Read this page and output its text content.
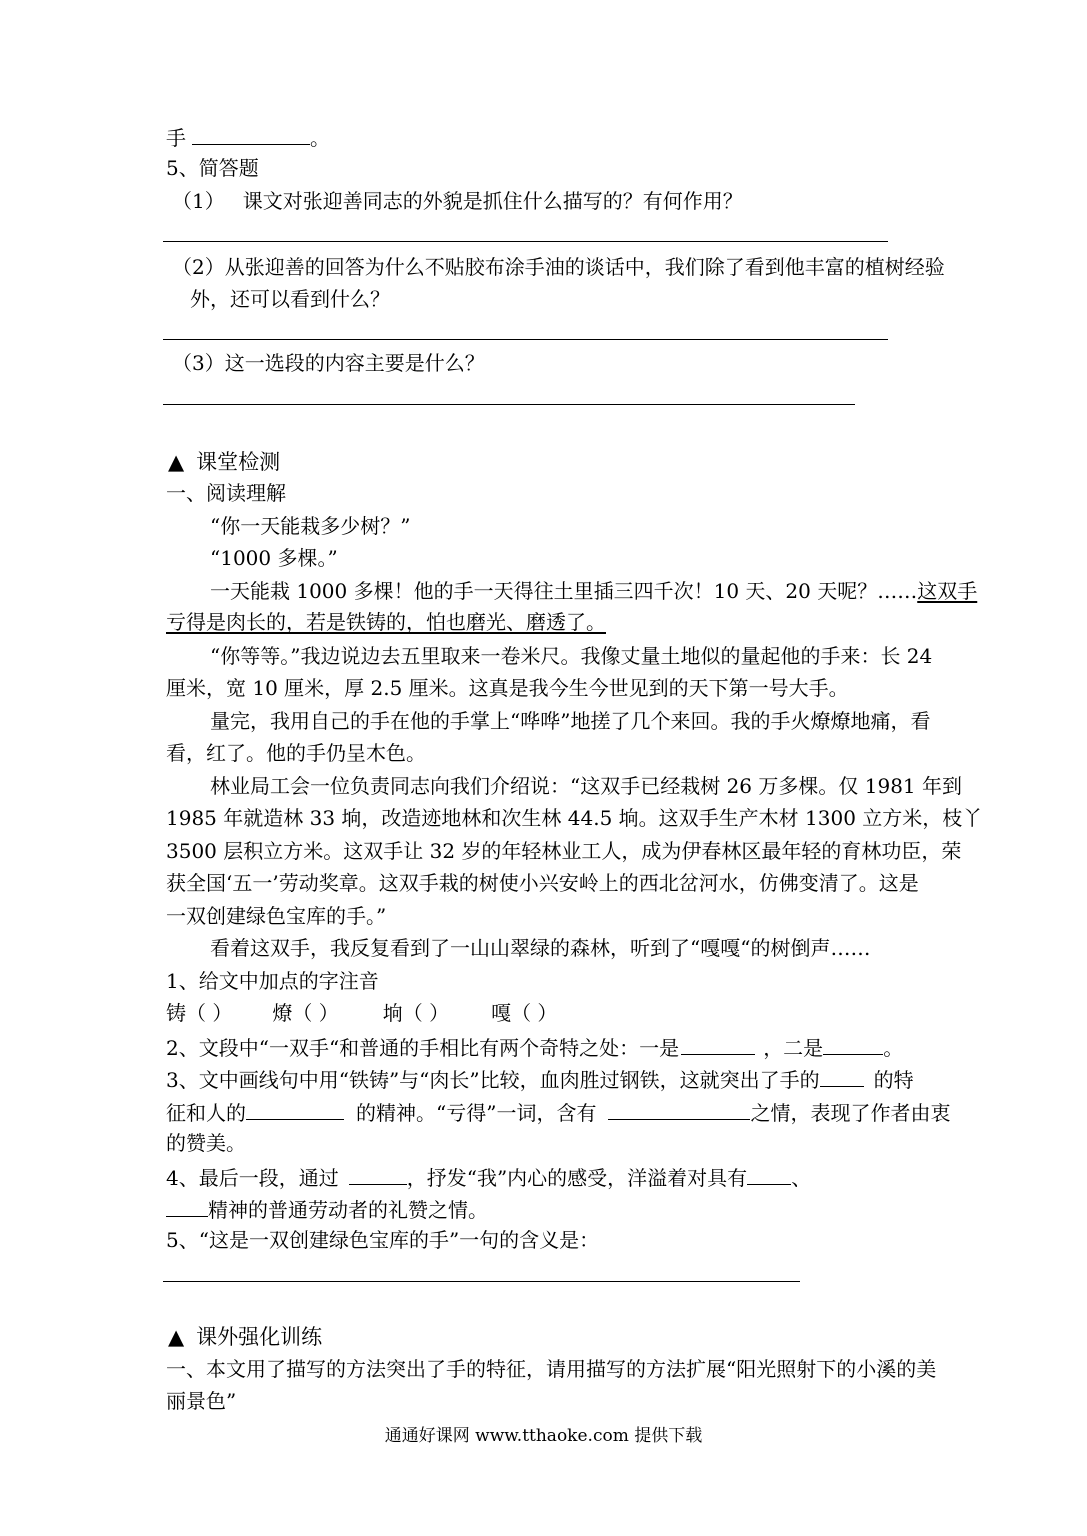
手	。
5、简答题
（1） 课文对张迎善同志的外貌是抓住什么描写的？有何作用？
（2）从张迎善的回答为什么不贴胶布涂手油的谈话中，我们除了看到他丰富的植树经验
外，还可以看到什么？
（3）这一选段的内容主要是什么？
▲ 课堂检测
一、阅读理解
“你一天能栽多少树？”
“1000 多棵。”
一天能栽 1000 多棵！他的手一天得往土里插三四千次！10 天、20 天呢？……这双手
亏得是肉长的，若是铁铸的，怕也磨光、磨透了。
“你等等。”我边说边去五里取来一卷米尺。我像丈量土地似的量起他的手来：长 24
厘米，宽 10 厘米，厚 2.5 厘米。这真是我今生今世见到的天下第一号大手。
量完，我用自己的手在他的手掌上“哗哗”地搓了几个来回。我的手火燎燎地痛，看
看，红了。他的手仍呈木色。
林业局工会一位负责同志向我们介绍说：“这双手已经栽树 26 万多棵。仅 1981 年到
1985 年就造林 33 垧，改造迹地林和次生林 44.5 垧。这双手生产木材 1300 立方米，枝丫
3500 层积立方米。这双手让 32 岁的年轻林业工人，成为伊春林区最年轻的育林功臣，荣
获全国‘五一’劳动奖章。这双手栽的树使小兴安岭上的西北岔河水，仿佛变清了。这是
一双创建绿色宝库的手。”
看着这双手，我反复看到了一山山翠绿的森林，听到了“嘎嘎“的树倒声……
1、给文中加点的字注音
铸（ ） 燎（ ） 垧（ ） 嘎（ ）
2、文段中“一双手“和普通的手相比有两个奇特之处：一是	，二是	。
3、文中画线句中用“铁铸”与“肉长”比较，血肉胜过钢铁，这就突出了手的	的特
征和人的	的精神。“亏得”一词，含有	之情，表现了作者由衷
的赞美。
4、最后一段，通过	，抒发“我”内心的感受，洋溢着对具有 、
精神的普通劳动者的礼赞之情。
5、“这是一双创建绿色宝库的手”一句的含义是：
▲ 课外强化训练
一、本文用了描写的方法突出了手的特征，请用描写的方法扩展“阳光照射下的小溪的美
丽景色”
通通好课网 www.tthaoke.com 提供下载
